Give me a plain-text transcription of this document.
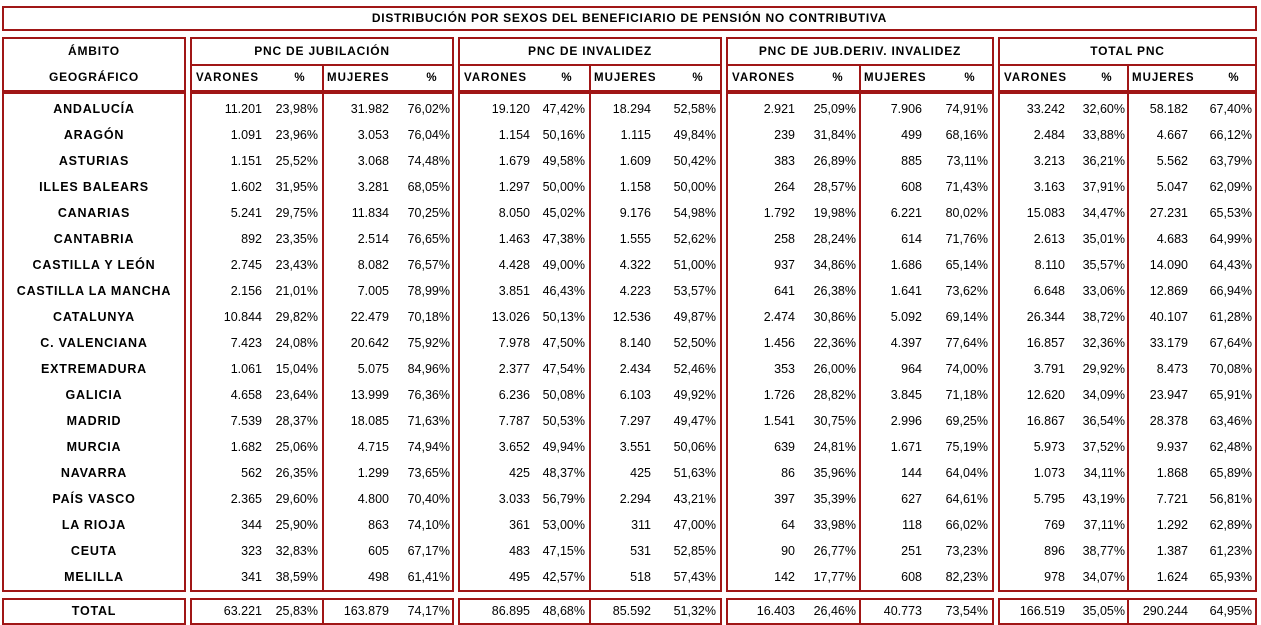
DISTRIBUCIÓN POR SEXOS DEL BENEFICIARIO DE PENSIÓN NO CONTRIBUTIVA
ÁMBITO
GEOGRÁFICO
PNC DE JUBILACIÓN
VARONES	%	MUJERES	%
PNC DE INVALIDEZ
VARONES	%	MUJERES	%
PNC DE JUB.DERIV. INVALIDEZ
VARONES	%	MUJERES	%
TOTAL PNC
VARONES	%	MUJERES	%
ANDALUCÍA	11.201	23,98%	31.982	76,02%	19.120	47,42%	18.294	52,58%	2.921	25,09%	7.906	74,91%	33.242	32,60%	58.182	67,40%
ARAGÓN	1.091	23,96%	3.053	76,04%	1.154	50,16%	1.115	49,84%	239	31,84%	499	68,16%	2.484	33,88%	4.667	66,12%
ASTURIAS	1.151	25,52%	3.068	74,48%	1.679	49,58%	1.609	50,42%	383	26,89%	885	73,11%	3.213	36,21%	5.562	63,79%
ILLES BALEARS	1.602	31,95%	3.281	68,05%	1.297	50,00%	1.158	50,00%	264	28,57%	608	71,43%	3.163	37,91%	5.047	62,09%
CANARIAS	5.241	29,75%	11.834	70,25%	8.050	45,02%	9.176	54,98%	1.792	19,98%	6.221	80,02%	15.083	34,47%	27.231	65,53%
CANTABRIA	892	23,35%	2.514	76,65%	1.463	47,38%	1.555	52,62%	258	28,24%	614	71,76%	2.613	35,01%	4.683	64,99%
CASTILLA Y LEÓN	2.745	23,43%	8.082	76,57%	4.428	49,00%	4.322	51,00%	937	34,86%	1.686	65,14%	8.110	35,57%	14.090	64,43%
CASTILLA LA MANCHA	2.156	21,01%	7.005	78,99%	3.851	46,43%	4.223	53,57%	641	26,38%	1.641	73,62%	6.648	33,06%	12.869	66,94%
CATALUNYA	10.844	29,82%	22.479	70,18%	13.026	50,13%	12.536	49,87%	2.474	30,86%	5.092	69,14%	26.344	38,72%	40.107	61,28%
C. VALENCIANA	7.423	24,08%	20.642	75,92%	7.978	47,50%	8.140	52,50%	1.456	22,36%	4.397	77,64%	16.857	32,36%	33.179	67,64%
EXTREMADURA	1.061	15,04%	5.075	84,96%	2.377	47,54%	2.434	52,46%	353	26,00%	964	74,00%	3.791	29,92%	8.473	70,08%
GALICIA	4.658	23,64%	13.999	76,36%	6.236	50,08%	6.103	49,92%	1.726	28,82%	3.845	71,18%	12.620	34,09%	23.947	65,91%
MADRID	7.539	28,37%	18.085	71,63%	7.787	50,53%	7.297	49,47%	1.541	30,75%	2.996	69,25%	16.867	36,54%	28.378	63,46%
MURCIA	1.682	25,06%	4.715	74,94%	3.652	49,94%	3.551	50,06%	639	24,81%	1.671	75,19%	5.973	37,52%	9.937	62,48%
NAVARRA	562	26,35%	1.299	73,65%	425	48,37%	425	51,63%	86	35,96%	144	64,04%	1.073	34,11%	1.868	65,89%
PAÍS VASCO	2.365	29,60%	4.800	70,40%	3.033	56,79%	2.294	43,21%	397	35,39%	627	64,61%	5.795	43,19%	7.721	56,81%
LA RIOJA	344	25,90%	863	74,10%	361	53,00%	311	47,00%	64	33,98%	118	66,02%	769	37,11%	1.292	62,89%
CEUTA	323	32,83%	605	67,17%	483	47,15%	531	52,85%	90	26,77%	251	73,23%	896	38,77%	1.387	61,23%
MELILLA	341	38,59%	498	61,41%	495	42,57%	518	57,43%	142	17,77%	608	82,23%	978	34,07%	1.624	65,93%
TOTAL	63.221	25,83%	163.879	74,17%	86.895	48,68%	85.592	51,32%	16.403	26,46%	40.773	73,54%	166.519	35,05%	290.244	64,95%
